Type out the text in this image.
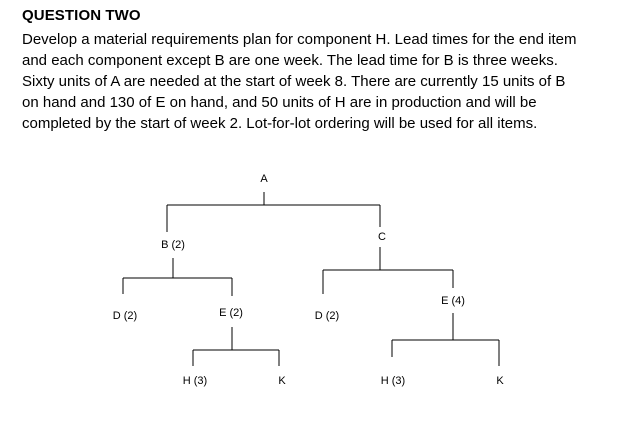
QUESTION TWO
Develop a material requirements plan for component H. Lead times for the end item
and each component except B are one week. The lead time for B is three weeks.
Sixty units of A are needed at the start of week 8. There are currently 15 units of B
on hand and 130 of E on hand, and 50 units of H are in production and will be
completed by the start of week 2. Lot-for-lot ordering will be used for all items.
A
B (2)
C
D (2)	E (2)
H (3)	K
D (2)
E (4)
H (3)	K
